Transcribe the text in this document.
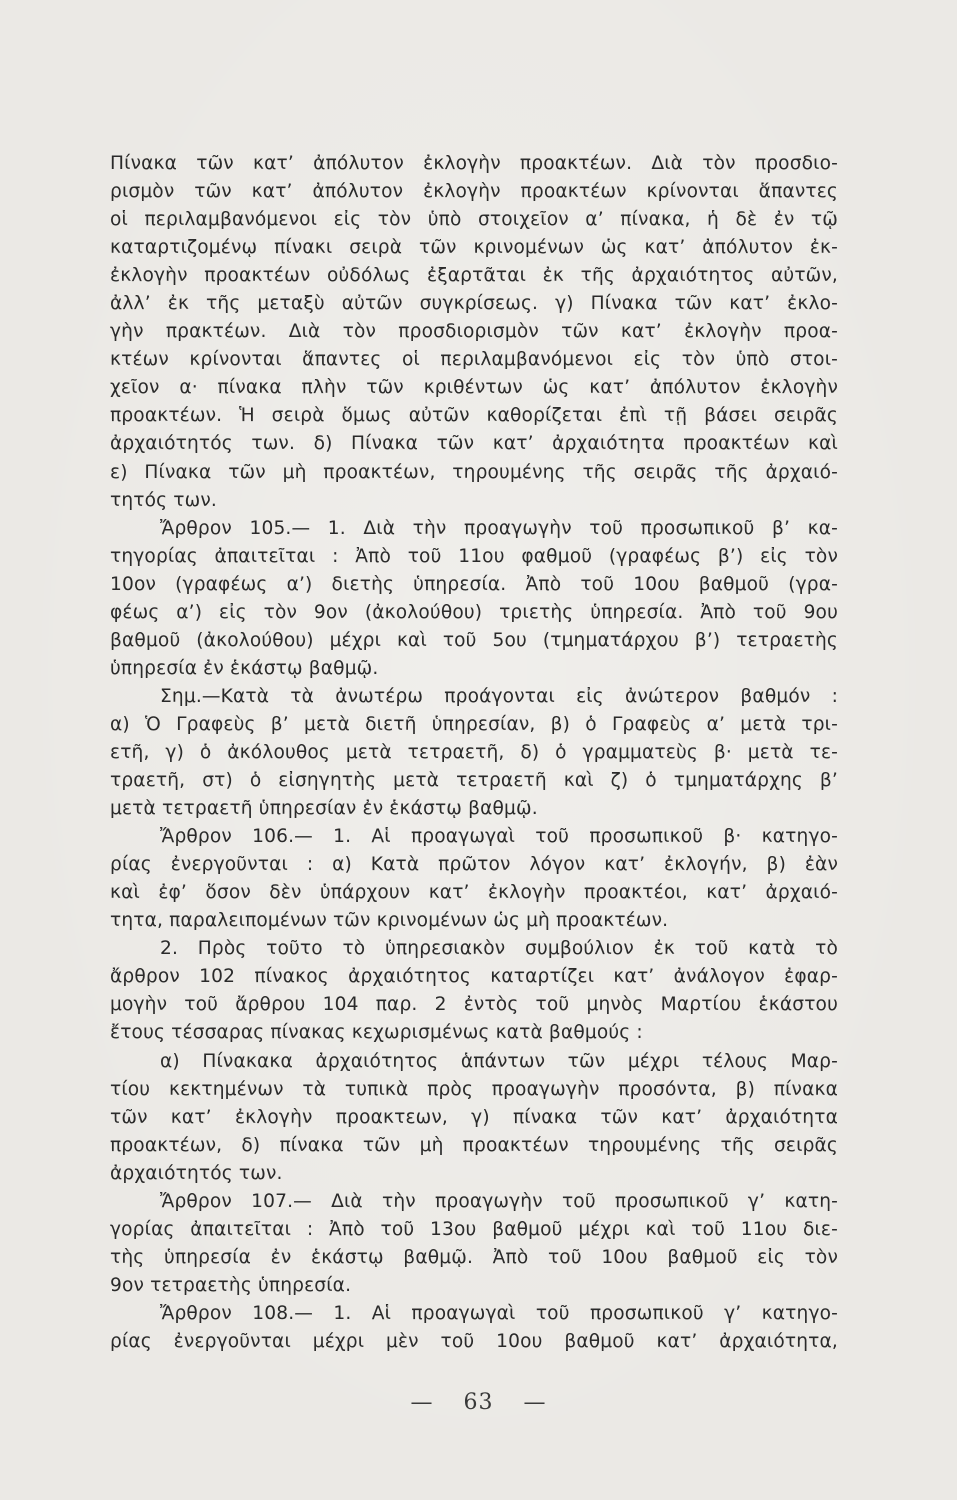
Πίνακα τῶν κατ’ ἀπόλυτον ἐκλογὴν προακτέων. Διὰ τὸν προσδιο-
ρισμὸν τῶν κατ’ ἀπόλυτον ἐκλογὴν προακτέων κρίνονται ἅπαντες
οἱ περιλαμβανόμενοι εἰς τὸν ὑπὸ στοιχεῖον α’ πίνακα, ἡ δὲ ἐν τῷ
καταρτιζομένῳ πίνακι σειρὰ τῶν κρινομένων ὡς κατ’ ἀπόλυτον ἐκ-
ἐκλογὴν προακτέων οὐδόλως ἐξαρτᾶται ἐκ τῆς ἀρχαιότητος αὐτῶν,
ἀλλ’ ἐκ τῆς μεταξὺ αὐτῶν συγκρίσεως. γ) Πίνακα τῶν κατ’ ἐκλο-
γὴν πρακτέων. Διὰ τὸν προσδιορισμὸν τῶν κατ’ ἐκλογὴν προα-
κτέων κρίνονται ἅπαντες οἱ περιλαμβανόμενοι εἰς τὸν ὑπὸ στοι-
χεῖον α· πίνακα πλὴν τῶν κριθέντων ὡς κατ’ ἀπόλυτον ἐκλογὴν
προακτέων. Ἡ σειρὰ ὅμως αὐτῶν καθορίζεται ἐπὶ τῇ βάσει σειρᾶς
ἀρχαιότητός των. δ) Πίνακα τῶν κατ’ ἀρχαιότητα προακτέων καὶ
ε) Πίνακα τῶν μὴ προακτέων, τηρουμένης τῆς σειρᾶς τῆς ἀρχαιό-
τητός των.
Ἄρθρον 105.— 1. Διὰ τὴν προαγωγὴν τοῦ προσωπικοῦ β’ κα-
τηγορίας ἀπαιτεῖται : Ἀπὸ τοῦ 11ου φαθμοῦ (γραφέως β’) εἰς τὸν
10ον (γραφέως α’) διετὴς ὑπηρεσία. Ἀπὸ τοῦ 10ου βαθμοῦ (γρα-
φέως α’) εἰς τὸν 9ον (ἀκολούθου) τριετὴς ὑπηρεσία. Ἀπὸ τοῦ 9ου
βαθμοῦ (ἀκολούθου) μέχρι καὶ τοῦ 5ου (τμηματάρχου β’) τετραετὴς
ὑπηρεσία ἐν ἑκάστῳ βαθμῷ.
Σημ.—Κατὰ τὰ ἀνωτέρω προάγονται εἰς ἀνώτερον βαθμόν :
α) Ὁ Γραφεὺς β’ μετὰ διετῆ ὑπηρεσίαν, β) ὁ Γραφεὺς α’ μετὰ τρι-
ετῆ, γ) ὁ ἀκόλουθος μετὰ τετραετῆ, δ) ὁ γραμματεὺς β· μετὰ τε-
τραετῆ, στ) ὁ εἰσηγητὴς μετὰ τετραετῆ καὶ ζ) ὁ τμηματάρχης β’
μετὰ τετραετῆ ὑπηρεσίαν ἐν ἑκάστῳ βαθμῷ.
Ἄρθρον 106.— 1. Αἱ προαγωγαὶ τοῦ προσωπικοῦ β· κατηγο-
ρίας ἐνεργοῦνται : α) Κατὰ πρῶτον λόγον κατ’ ἐκλογήν, β) ἐὰν
καὶ ἐφ’ ὅσον δὲν ὑπάρχουν κατ’ ἐκλογὴν προακτέοι, κατ’ ἀρχαιό-
τητα, παραλειπομένων τῶν κρινομένων ὡς μὴ προακτέων.
2. Πρὸς τοῦτο τὸ ὑπηρεσιακὸν συμβούλιον ἐκ τοῦ κατὰ τὸ
ἄρθρον 102 πίνακος ἀρχαιότητος καταρτίζει κατ’ ἀνάλογον ἐφαρ-
μογὴν τοῦ ἄρθρου 104 παρ. 2 ἐντὸς τοῦ μηνὸς Μαρτίου ἑκάστου
ἔτους τέσσαρας πίνακας κεχωρισμένως κατὰ βαθμούς :
α) Πίνακακα ἀρχαιότητος ἁπάντων τῶν μέχρι τέλους Μαρ-
τίου κεκτημένων τὰ τυπικὰ πρὸς προαγωγὴν προσόντα, β) πίνακα
τῶν κατ’ ἐκλογὴν προακτεων, γ) πίνακα τῶν κατ’ ἀρχαιότητα
προακτέων, δ) πίνακα τῶν μὴ προακτέων τηρουμένης τῆς σειρᾶς
ἀρχαιότητός των.
Ἄρθρον 107.— Διὰ τὴν προαγωγὴν τοῦ προσωπικοῦ γ’ κατη-
γορίας ἀπαιτεῖται : Ἀπὸ τοῦ 13ου βαθμοῦ μέχρι καὶ τοῦ 11ου διε-
τὴς ὑπηρεσία ἐν ἑκάστῳ βαθμῷ. Ἀπὸ τοῦ 10ου βαθμοῦ εἰς τὸν
9ον τετραετὴς ὑπηρεσία.
Ἄρθρον 108.— 1. Αἱ προαγωγαὶ τοῦ προσωπικοῦ γ’ κατηγο-
ρίας ἐνεργοῦνται μέχρι μὲν τοῦ 10ου βαθμοῦ κατ’ ἀρχαιότητα,
— 63 —
